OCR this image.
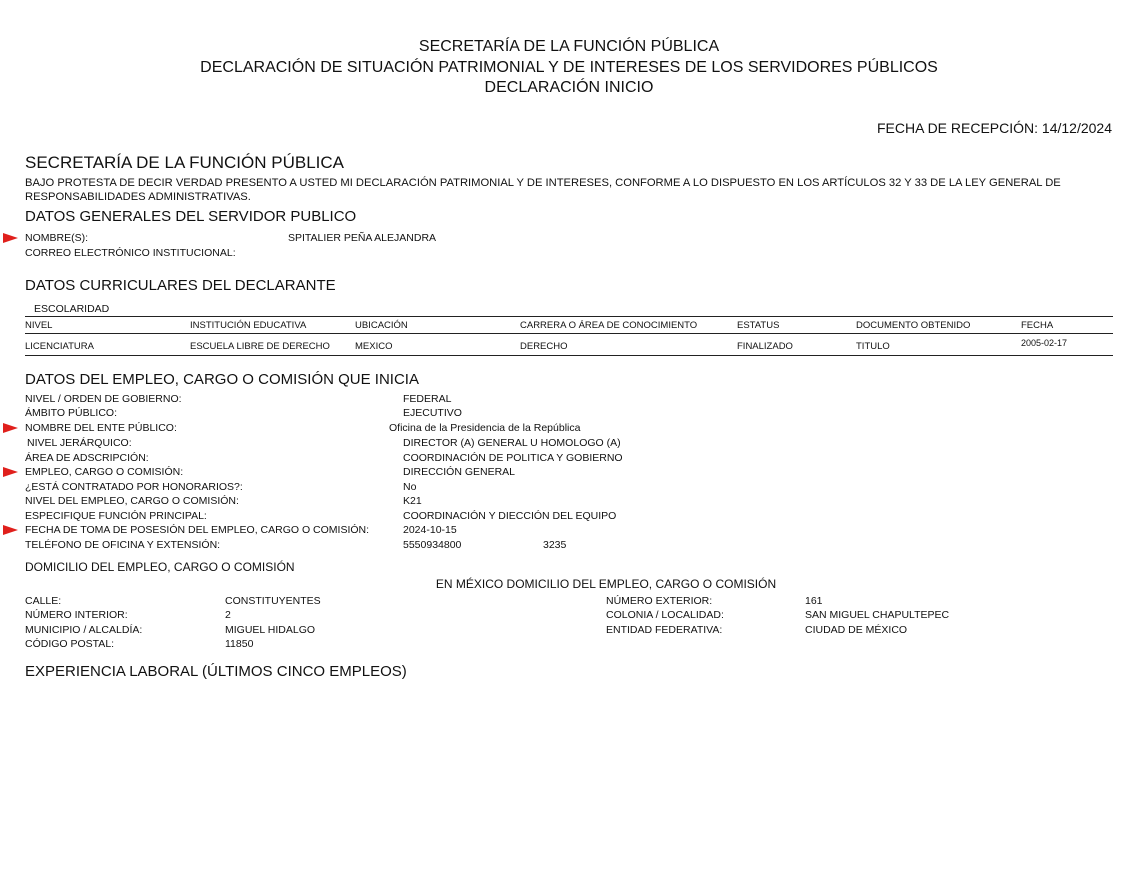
SECRETARÍA DE LA FUNCIÓN PÚBLICA
DECLARACIÓN DE SITUACIÓN PATRIMONIAL Y DE INTERESES DE LOS SERVIDORES PÚBLICOS
DECLARACIÓN INICIO
FECHA DE RECEPCIÓN: 14/12/2024
SECRETARÍA DE LA FUNCIÓN PÚBLICA
BAJO PROTESTA DE DECIR VERDAD PRESENTO A USTED MI DECLARACIÓN PATRIMONIAL Y DE INTERESES, CONFORME A LO DISPUESTO EN LOS ARTÍCULOS 32 Y 33 DE LA LEY GENERAL DE
RESPONSABILIDADES ADMINISTRATIVAS.
DATOS GENERALES DEL SERVIDOR PUBLICO
NOMBRE(S):	SPITALIER PEÑA ALEJANDRA
CORREO ELECTRÓNICO INSTITUCIONAL:
DATOS CURRICULARES DEL DECLARANTE
ESCOLARIDAD
NIVEL	INSTITUCIÓN EDUCATIVA	UBICACIÓN	CARRERA O ÁREA DE CONOCIMIENTO	ESTATUS	DOCUMENTO OBTENIDO	FECHA
LICENCIATURA	ESCUELA LIBRE DE DERECHO	MEXICO	DERECHO	FINALIZADO	TITULO	2005-02-17
DATOS DEL EMPLEO, CARGO O COMISIÓN QUE INICIA
NIVEL / ORDEN DE GOBIERNO:	FEDERAL
ÁMBITO PÚBLICO:	EJECUTIVO
NOMBRE DEL ENTE PÚBLICO:	Oficina de la Presidencia de la República
NIVEL JERÁRQUICO:	DIRECTOR (A) GENERAL U HOMOLOGO (A)
ÁREA DE ADSCRIPCIÓN:	COORDINACIÓN DE POLITICA Y GOBIERNO
EMPLEO, CARGO O COMISIÓN:	DIRECCIÓN GENERAL
¿ESTÁ CONTRATADO POR HONORARIOS?:	No
NIVEL DEL EMPLEO, CARGO O COMISIÓN:	K21
ESPECIFIQUE FUNCIÓN PRINCIPAL:	COORDINACIÓN Y DIECCIÓN DEL EQUIPO
FECHA DE TOMA DE POSESIÓN DEL EMPLEO, CARGO O COMISIÓN:	2024-10-15
TELÉFONO DE OFICINA Y EXTENSIÓN:	5550934800	3235
DOMICILIO DEL EMPLEO, CARGO O COMISIÓN
EN MÉXICO DOMICILIO DEL EMPLEO, CARGO O COMISIÓN
CALLE:	CONSTITUYENTES
NÚMERO INTERIOR:	2
MUNICIPIO / ALCALDÍA:	MIGUEL HIDALGO
CÓDIGO POSTAL:	11850
NÚMERO EXTERIOR:	161
COLONIA / LOCALIDAD:	SAN MIGUEL CHAPULTEPEC
ENTIDAD FEDERATIVA:	CIUDAD DE MÉXICO
EXPERIENCIA LABORAL (ÚLTIMOS CINCO EMPLEOS)
